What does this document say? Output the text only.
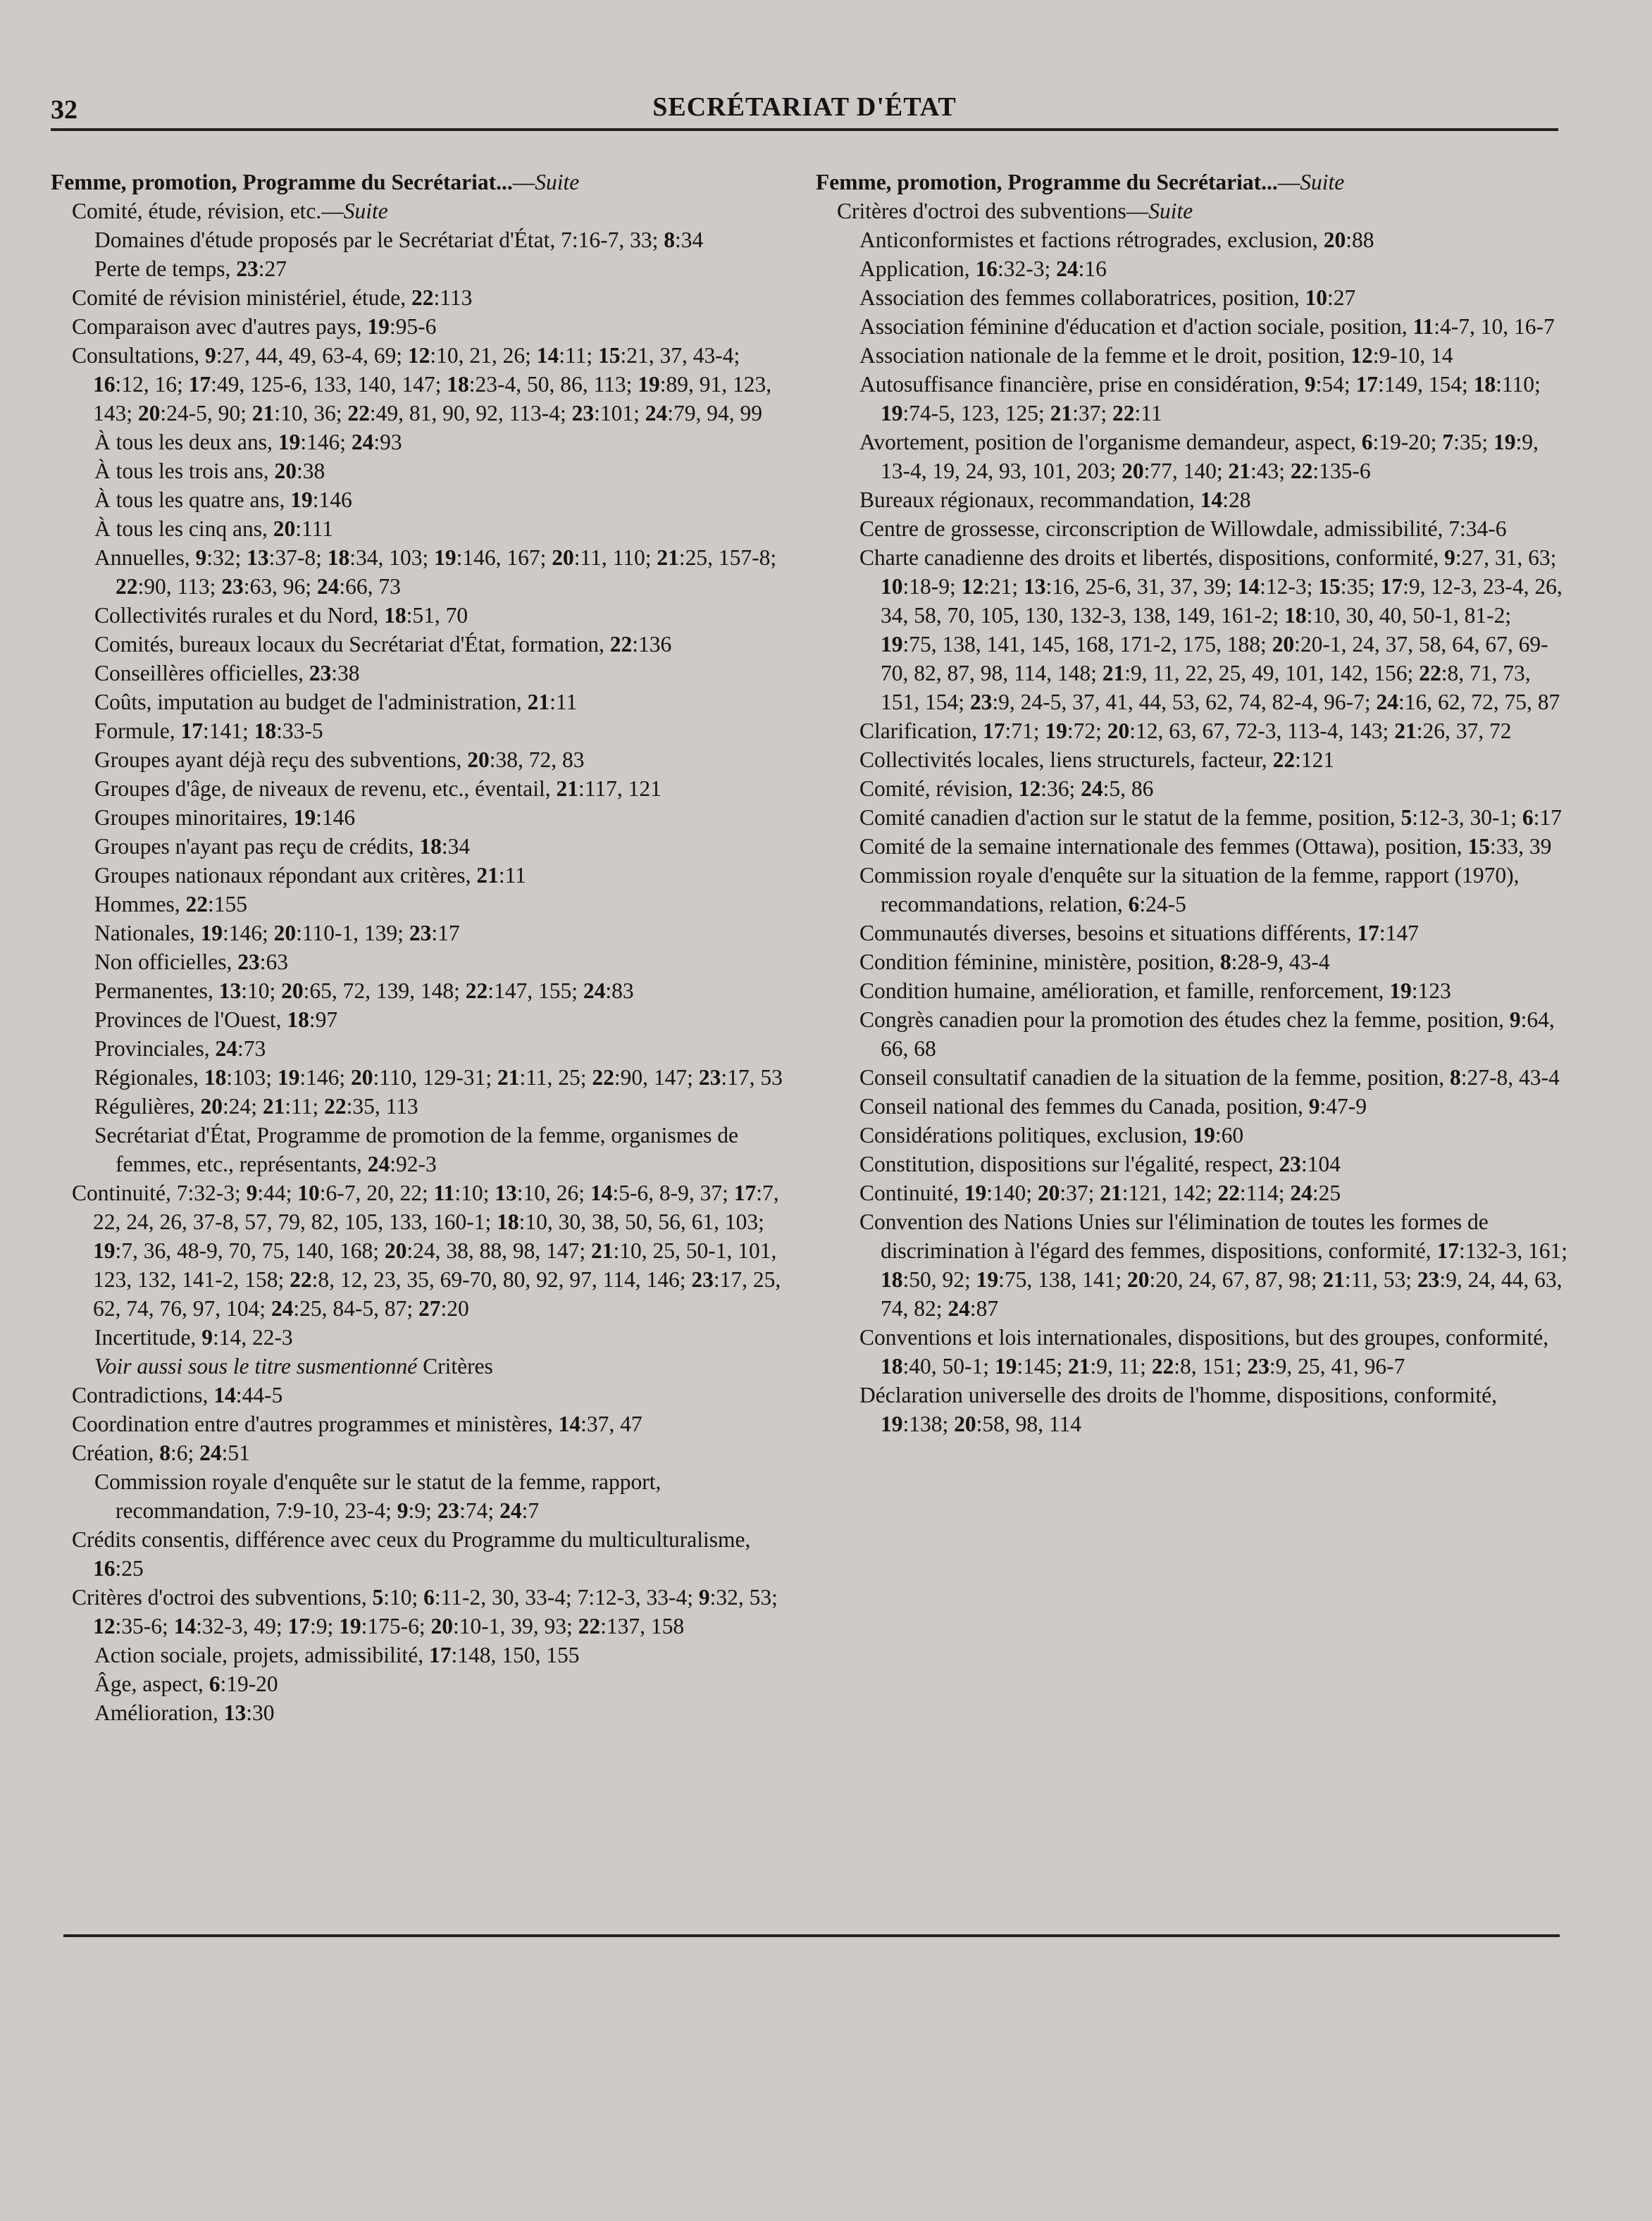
32	SECRÉTARIAT D'ÉTAT

Femme, promotion, Programme du Secrétariat...—Suite

Comité, étude, révision, etc.—Suite

Domaines d'étude proposés par le Secrétariat d'État, 7:16-7, 33; 8:34

Perte de temps, 23:27

Comité de révision ministériel, étude, 22:113

Comparaison avec d'autres pays, 19:95-6

Consultations, 9:27, 44, 49, 63-4, 69; 12:10, 21, 26; 14:11; 15:21, 37, 43-4; 16:12, 16; 17:49, 125-6, 133, 140, 147; 18:23-4, 50, 86, 113; 19:89, 91, 123, 143; 20:24-5, 90; 21:10, 36; 22:49, 81, 90, 92, 113-4; 23:101; 24:79, 94, 99

À tous les deux ans, 19:146; 24:93

À tous les trois ans, 20:38

À tous les quatre ans, 19:146

À tous les cinq ans, 20:111

Annuelles, 9:32; 13:37-8; 18:34, 103; 19:146, 167; 20:11, 110; 21:25, 157-8; 22:90, 113; 23:63, 96; 24:66, 73

Collectivités rurales et du Nord, 18:51, 70

Comités, bureaux locaux du Secrétariat d'État, formation, 22:136

Conseillères officielles, 23:38

Coûts, imputation au budget de l'administration, 21:11

Formule, 17:141; 18:33-5

Groupes ayant déjà reçu des subventions, 20:38, 72, 83

Groupes d'âge, de niveaux de revenu, etc., éventail, 21:117, 121

Groupes minoritaires, 19:146

Groupes n'ayant pas reçu de crédits, 18:34

Groupes nationaux répondant aux critères, 21:11

Hommes, 22:155

Nationales, 19:146; 20:110-1, 139; 23:17

Non officielles, 23:63

Permanentes, 13:10; 20:65, 72, 139, 148; 22:147, 155; 24:83

Provinces de l'Ouest, 18:97

Provinciales, 24:73

Régionales, 18:103; 19:146; 20:110, 129-31; 21:11, 25; 22:90, 147; 23:17, 53

Régulières, 20:24; 21:11; 22:35, 113

Secrétariat d'État, Programme de promotion de la femme, organismes de femmes, etc., représentants, 24:92-3

Continuité, 7:32-3; 9:44; 10:6-7, 20, 22; 11:10; 13:10, 26; 14:5-6, 8-9, 37; 17:7, 22, 24, 26, 37-8, 57, 79, 82, 105, 133, 160-1; 18:10, 30, 38, 50, 56, 61, 103; 19:7, 36, 48-9, 70, 75, 140, 168; 20:24, 38, 88, 98, 147; 21:10, 25, 50-1, 101, 123, 132, 141-2, 158; 22:8, 12, 23, 35, 69-70, 80, 92, 97, 114, 146; 23:17, 25, 62, 74, 76, 97, 104; 24:25, 84-5, 87; 27:20

Incertitude, 9:14, 22-3

Voir aussi sous le titre susmentionné Critères

Contradictions, 14:44-5

Coordination entre d'autres programmes et ministères, 14:37, 47

Création, 8:6; 24:51

Commission royale d'enquête sur le statut de la femme, rapport, recommandation, 7:9-10, 23-4; 9:9; 23:74; 24:7

Crédits consentis, différence avec ceux du Programme du multiculturalisme, 16:25

Critères d'octroi des subventions, 5:10; 6:11-2, 30, 33-4; 7:12-3, 33-4; 9:32, 53; 12:35-6; 14:32-3, 49; 17:9; 19:175-6; 20:10-1, 39, 93; 22:137, 158

Action sociale, projets, admissibilité, 17:148, 150, 155

Âge, aspect, 6:19-20

Amélioration, 13:30

Femme, promotion, Programme du Secrétariat...—Suite

Critères d'octroi des subventions—Suite

Anticonformistes et factions rétrogrades, exclusion, 20:88

Application, 16:32-3; 24:16

Association des femmes collaboratrices, position, 10:27

Association féminine d'éducation et d'action sociale, position, 11:4-7, 10, 16-7

Association nationale de la femme et le droit, position, 12:9-10, 14

Autosuffisance financière, prise en considération, 9:54; 17:149, 154; 18:110; 19:74-5, 123, 125; 21:37; 22:11

Avortement, position de l'organisme demandeur, aspect, 6:19-20; 7:35; 19:9, 13-4, 19, 24, 93, 101, 203; 20:77, 140; 21:43; 22:135-6

Bureaux régionaux, recommandation, 14:28

Centre de grossesse, circonscription de Willowdale, admissibilité, 7:34-6

Charte canadienne des droits et libertés, dispositions, conformité, 9:27, 31, 63; 10:18-9; 12:21; 13:16, 25-6, 31, 37, 39; 14:12-3; 15:35; 17:9, 12-3, 23-4, 26, 34, 58, 70, 105, 130, 132-3, 138, 149, 161-2; 18:10, 30, 40, 50-1, 81-2; 19:75, 138, 141, 145, 168, 171-2, 175, 188; 20:20-1, 24, 37, 58, 64, 67, 69-70, 82, 87, 98, 114, 148; 21:9, 11, 22, 25, 49, 101, 142, 156; 22:8, 71, 73, 151, 154; 23:9, 24-5, 37, 41, 44, 53, 62, 74, 82-4, 96-7; 24:16, 62, 72, 75, 87

Clarification, 17:71; 19:72; 20:12, 63, 67, 72-3, 113-4, 143; 21:26, 37, 72

Collectivités locales, liens structurels, facteur, 22:121

Comité, révision, 12:36; 24:5, 86

Comité canadien d'action sur le statut de la femme, position, 5:12-3, 30-1; 6:17

Comité de la semaine internationale des femmes (Ottawa), position, 15:33, 39

Commission royale d'enquête sur la situation de la femme, rapport (1970), recommandations, relation, 6:24-5

Communautés diverses, besoins et situations différents, 17:147

Condition féminine, ministère, position, 8:28-9, 43-4

Condition humaine, amélioration, et famille, renforcement, 19:123

Congrès canadien pour la promotion des études chez la femme, position, 9:64, 66, 68

Conseil consultatif canadien de la situation de la femme, position, 8:27-8, 43-4

Conseil national des femmes du Canada, position, 9:47-9

Considérations politiques, exclusion, 19:60

Constitution, dispositions sur l'égalité, respect, 23:104

Continuité, 19:140; 20:37; 21:121, 142; 22:114; 24:25

Convention des Nations Unies sur l'élimination de toutes les formes de discrimination à l'égard des femmes, dispositions, conformité, 17:132-3, 161; 18:50, 92; 19:75, 138, 141; 20:20, 24, 67, 87, 98; 21:11, 53; 23:9, 24, 44, 63, 74, 82; 24:87

Conventions et lois internationales, dispositions, but des groupes, conformité, 18:40, 50-1; 19:145; 21:9, 11; 22:8, 151; 23:9, 25, 41, 96-7

Déclaration universelle des droits de l'homme, dispositions, conformité, 19:138; 20:58, 98, 114
